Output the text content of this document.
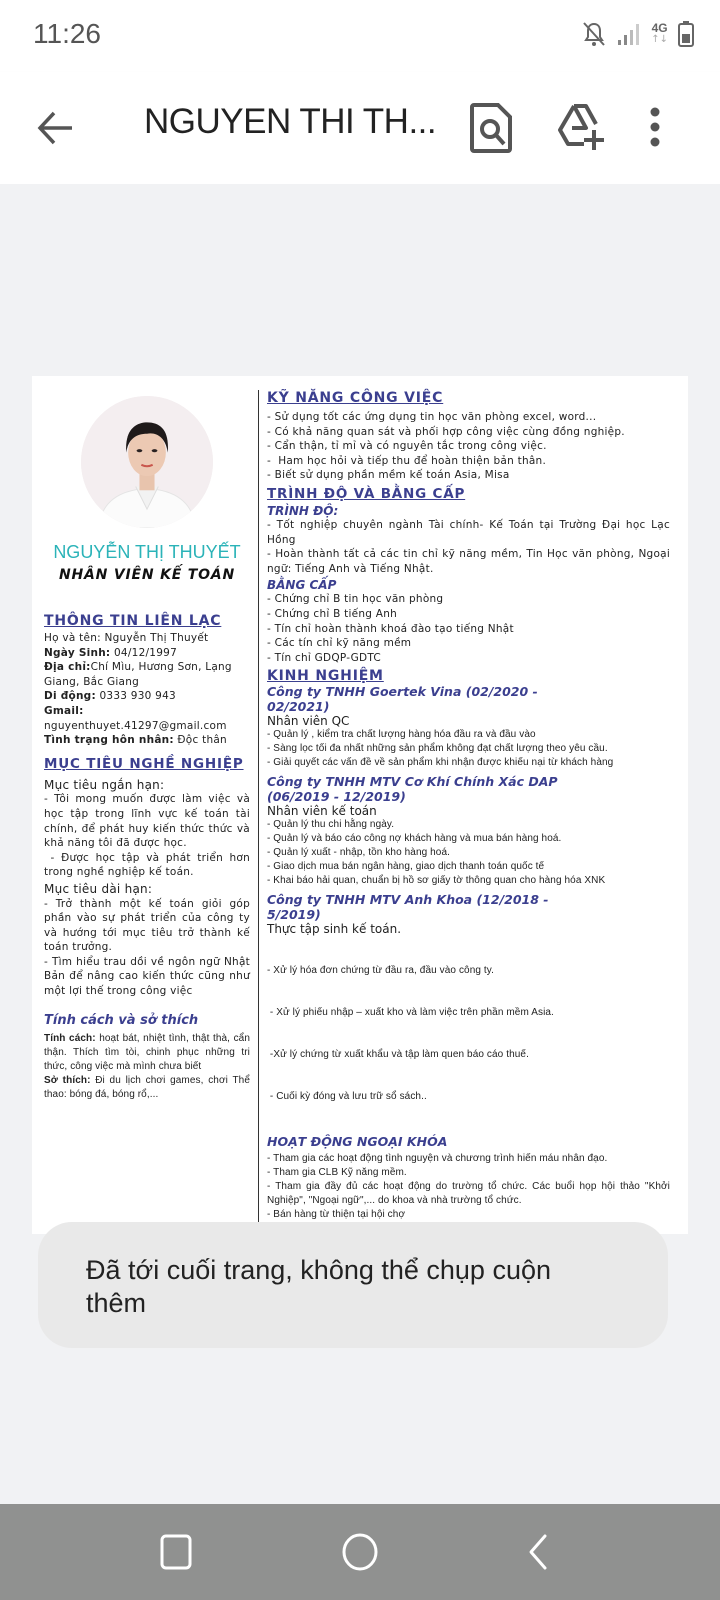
11:26	4G
↑↓
NGUYEN THI TH...
NGUYỄN THỊ THUYẾT
NHÂN VIÊN KẾ TOÁN
THÔNG TIN LIÊN LẠC
Họ và tên: Nguyễn Thị Thuyết
Ngày Sinh: 04/12/1997
Địa chỉ:Chí Mìu, Hương Sơn, Lạng Giang, Bắc Giang
Di động: 0333 930 943
Gmail:
nguyenthuyet.41297@gmail.com
Tình trạng hôn nhân: Độc thân
MỤC TIÊU NGHỀ NGHIỆP
Mục tiêu ngắn hạn:
- Tôi mong muốn được làm việc và học tập trong lĩnh vực kế toán tài chính, để phát huy kiến thức thức và khả năng tôi đã được học.
- Được học tập và phát triển hơn trong nghề nghiệp kế toán.
Mục tiêu dài hạn:
- Trở thành một kế toán giỏi góp phần vào sự phát triển của công ty và hướng tới mục tiêu trở thành kế toán trưởng.
- Tìm hiểu trau dồi về ngôn ngữ Nhật Bản để nâng cao kiến thức cũng như một lợi thế trong công việc
Tính cách và sở thích
Tính cách: hoạt bát, nhiệt tình, thật thà, cẩn thận. Thích tìm tòi, chinh phục những tri thức, công việc mà mình chưa biết
Sở thích: Đi du lịch chơi games, chơi Thể thao: bóng đá, bóng rổ,...
KỸ NĂNG CÔNG VIỆC
- Sử dụng tốt các ứng dụng tin học văn phòng excel, word...
- Có khả năng quan sát và phối hợp công việc cùng đồng nghiệp.
- Cẩn thận, tỉ mỉ và có nguyên tắc trong công việc.
-  Ham học hỏi và tiếp thu để hoàn thiện bản thân.
- Biết sử dụng phần mềm kế toán Asia, Misa
TRÌNH ĐỘ VÀ BẰNG CẤP
TRÌNH ĐỘ:
- Tốt nghiệp chuyên ngành Tài chính- Kế Toán tại Trường Đại học Lạc Hồng
- Hoàn thành tất cả các tin chỉ kỹ năng mềm, Tin Học văn phòng, Ngoại ngữ: Tiếng Anh và Tiếng Nhật.
BẰNG CẤP
- Chứng chỉ B tin học văn phòng
- Chứng chỉ B tiếng Anh
- Tín chỉ hoàn thành khoá đào tạo tiếng Nhật
- Các tín chỉ kỹ năng mềm
- Tín chỉ GDQP-GDTC
KINH NGHIỆM
Công ty TNHH Goertek Vina (02/2020 - 02/2021)
Nhân viên QC
- Quản lý , kiểm tra chất lượng hàng hóa đầu ra và đầu vào
- Sàng lọc tối đa nhất những sản phẩm không đạt chất lượng theo yêu cầu.
- Giải quyết các vấn đề về sản phẩm khi nhận được khiếu nại từ khách hàng
Công ty TNHH MTV Cơ Khí Chính Xác DAP (06/2019 - 12/2019)
Nhân viên kế toán
- Quản lý thu chi hằng ngày.
- Quản lý và báo cáo công nợ khách hàng và mua bán hàng hoá.
- Quản lý xuất - nhập, tồn kho hàng hoá.
- Giao dịch mua bán ngân hàng, giao dịch thanh toán quốc tế
- Khai báo hải quan, chuẩn bị hồ sơ giấy tờ thông quan cho hàng hóa XNK
Công ty TNHH MTV Anh Khoa (12/2018 - 5/2019)
Thực tập sinh kế toán.

- Xử lý hóa đơn chứng từ đầu ra, đầu vào công ty.

- Xử lý phiếu nhập – xuất kho và làm việc trên phần mềm Asia.

-Xử lý chứng từ xuất khẩu và tập làm quen báo cáo thuế.

- Cuối kỳ đóng và lưu trữ sổ sách..

HOẠT ĐỘNG NGOẠI KHÓA
- Tham gia các hoạt động tình nguyện và chương trình hiến máu nhân đạo.
- Tham gia CLB Kỹ năng mềm.
- Tham gia đầy đủ các hoạt động do trường tổ chức. Các buổi họp hội thảo "Khởi Nghiệp", "Ngoại ngữ",... do khoa và nhà trường tổ chức.
- Bán hàng từ thiện tại hội chợ
Đã tới cuối trang, không thể chụp cuộn thêm
